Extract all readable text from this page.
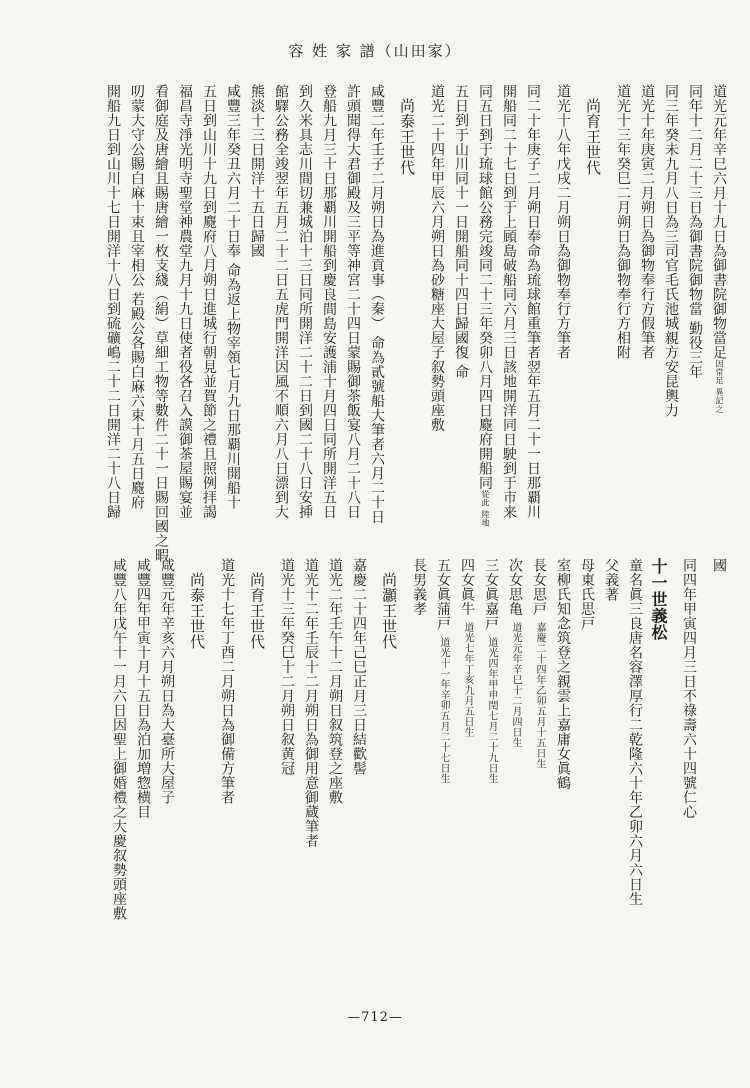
容 姓 家 譜（山田家）
道光元年辛巳六月十九日為御書院御物當足因常足 異記之
同年十二月二十三日為御書院御物當 勤役三年
同三年癸未九月八日為三司官毛氏池城親方安昆輿力
道光十年庚寅二月朔日為御物奉行方假筆者
道光十三年癸巳二月朔日為御物奉行方相附
尚育王世代
道光十八年戊戌二月朔日為御物奉行方筆者
同二十年庚子二月朔日奉命為琉球館重筆者翌年五月二十一日那覇川
開船同二十七日到于上頋島破船同六月三日該地開洋同日駛到于市来
同五日到于琉球館公務完竣同二十三年癸卯八月四日麑府開船同從此 陸地
五日到于山川同十一日開船同十四日歸國復 命
道光二十四年甲辰六月朔日為砂糖座大屋子叙勢頭座敷
尚泰王世代
咸豐二年壬子二月朔日為進貢事（秦） 命為貳號船大筆者六月二十日
許頭聞得大君御殿及三平等神宮二十四日蒙賜御茶飯宴八月二十八日
登船九月三十日那覇川開船到慶良間島安護浦十月四日同所開洋五日
到久米具志川間切兼城泊十三日同所開洋二十二日到國二十八日安挿
館驛公務全竣翌年五月二十二日五虎門開洋因風不順六月八日漂到大
熊淡十三日開洋十五日歸國
咸豐三年癸丑六月二十日奉 命為返上物宰領七月九日那覇川開船十
五日到山川十九日到麑府八月朔日進城行朝見並賀節之禮且照例拝謁
福昌寺淨光明寺聖堂神農堂九月十九日使者役各召入謨御茶屋賜宴並
看御庭及唐繪且賜唐繪一枚支綫（絹）草細工物等數件二十一日賜回國之暇
叨蒙大守公賜白麻十束且宰相公 若殿公各賜白麻六束十月五日麑府
開船九日到山川十七日開洋十八日到硫礦嶋二十二日開洋二十八日歸
國
同四年甲寅四月三日不祿壽六十四號仁心
十一世義松
童名眞三良唐名容澤厚行二乾隆六十年乙卯六月六日生
父義著
母東氏思戸
室柳氏知念筑登之親雲上嘉庸女眞鶴
長女思戸嘉慶二十四年乙卯五月十五日生
次女思亀道光元年辛巳十二月四日生
三女眞嘉戸道光四年甲申閏七月二十九日生
四女眞牛道光七年丁亥九月五日生
五女眞蒲戸道光十一年辛卯五月二十七日生
長男義孝
尚灝王世代
嘉慶二十四年己巳正月三日結歡髻
道光二年壬午十二月朔日叙筑登之座敷
道光十二年壬辰十二月朔日為御用意御蔵筆者
道光十三年癸巳十二月朔日叙黄冠
尚育王世代
道光十七年丁酉二月朔日為御備方筆者
尚泰王世代
咸豐元年辛亥六月朔日為大臺所大屋子
咸豐四年甲寅十月十五日為泊加増惣横目
咸豐八年戊午十一月六日因聖上御婚禮之大慶叙勢頭座敷
—712—
